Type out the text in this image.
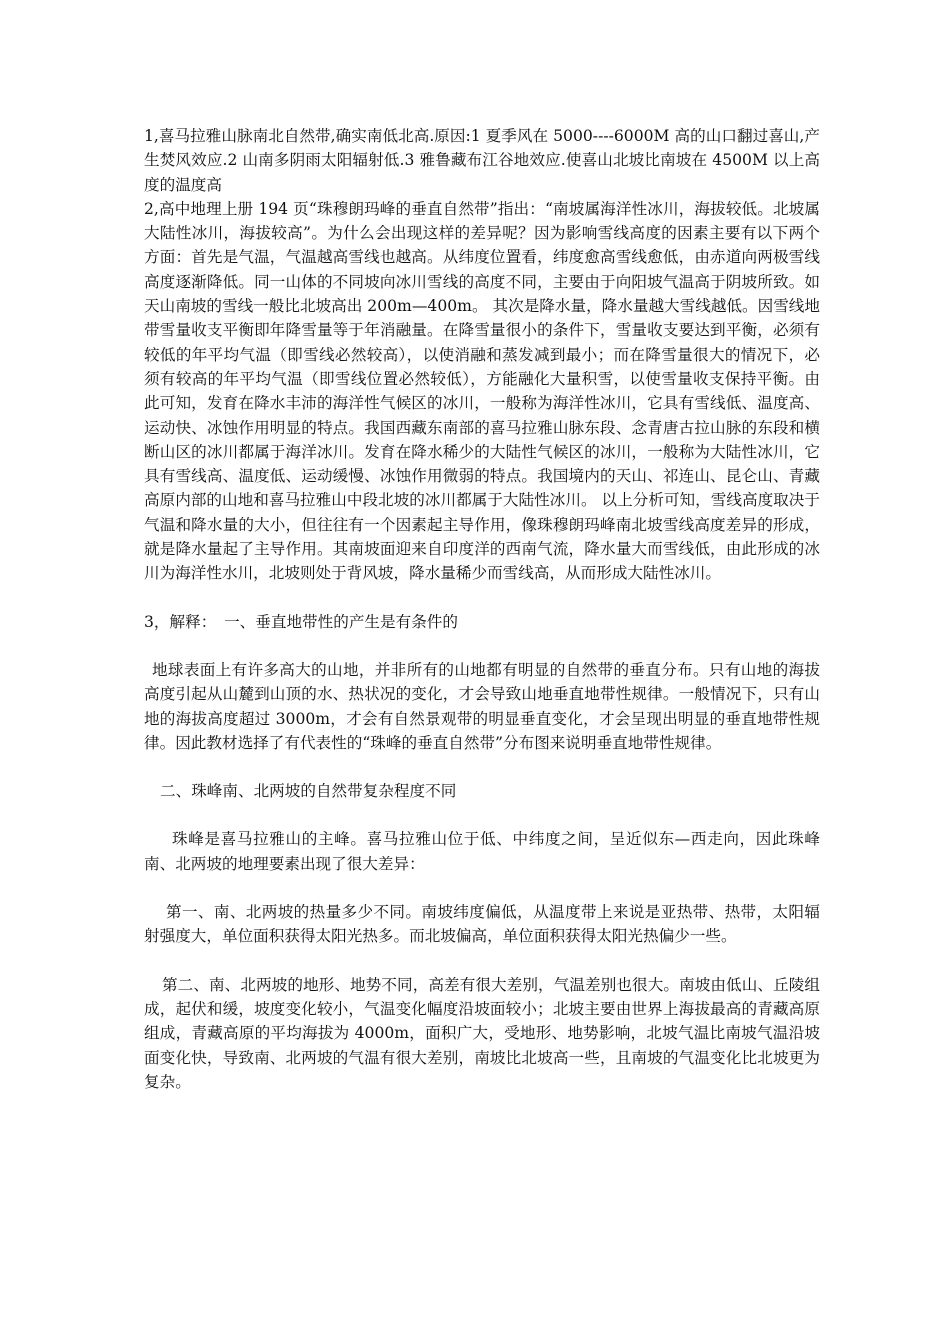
1,喜马拉雅山脉南北自然带,确实南低北高.原因:1 夏季风在 5000----6000M 高的山口翻过喜山,产生焚风效应.2 山南多阴雨太阳辐射低.3 雅鲁藏布江谷地效应.使喜山北坡比南坡在 4500M 以上高度的温度高

2,高中地理上册 194 页“珠穆朗玛峰的垂直自然带”指出：“南坡属海洋性冰川，海拔较低。北坡属大陆性冰川，海拔较高”。为什么会出现这样的差异呢？因为影响雪线高度的因素主要有以下两个方面：首先是气温，气温越高雪线也越高。从纬度位置看，纬度愈高雪线愈低，由赤道向两极雪线高度逐渐降低。同一山体的不同坡向冰川雪线的高度不同，主要由于向阳坡气温高于阴坡所致。如天山南坡的雪线一般比北坡高出 200m—400m。 其次是降水量，降水量越大雪线越低。因雪线地带雪量收支平衡即年降雪量等于年消融量。在降雪量很小的条件下，雪量收支要达到平衡，必须有较低的年平均气温（即雪线必然较高），以使消融和蒸发减到最小；而在降雪量很大的情况下，必须有较高的年平均气温（即雪线位置必然较低），方能融化大量积雪，以使雪量收支保持平衡。由此可知，发育在降水丰沛的海洋性气候区的冰川，一般称为海洋性冰川，它具有雪线低、温度高、运动快、冰蚀作用明显的特点。我国西藏东南部的喜马拉雅山脉东段、念青唐古拉山脉的东段和横断山区的冰川都属于海洋冰川。发育在降水稀少的大陆性气候区的冰川，一般称为大陆性冰川，它具有雪线高、温度低、运动缓慢、冰蚀作用微弱的特点。我国境内的天山、祁连山、昆仑山、青藏高原内部的山地和喜马拉雅山中段北坡的冰川都属于大陆性冰川。 以上分析可知，雪线高度取决于气温和降水量的大小，但往往有一个因素起主导作用，像珠穆朗玛峰南北坡雪线高度差异的形成，就是降水量起了主导作用。其南坡面迎来自印度洋的西南气流，降水量大而雪线低，由此形成的冰川为海洋性水川，北坡则处于背风坡，降水量稀少而雪线高，从而形成大陆性冰川。

3，解释：　一、垂直地带性的产生是有条件的

地球表面上有许多高大的山地，并非所有的山地都有明显的自然带的垂直分布。只有山地的海拔高度引起从山麓到山顶的水、热状况的变化，才会导致山地垂直地带性规律。一般情况下，只有山地的海拔高度超过 3000m，才会有自然景观带的明显垂直变化，才会呈现出明显的垂直地带性规律。因此教材选择了有代表性的“珠峰的垂直自然带”分布图来说明垂直地带性规律。

二、珠峰南、北两坡的自然带复杂程度不同

珠峰是喜马拉雅山的主峰。喜马拉雅山位于低、中纬度之间，呈近似东—西走向，因此珠峰南、北两坡的地理要素出现了很大差异：

第一、南、北两坡的热量多少不同。南坡纬度偏低，从温度带上来说是亚热带、热带，太阳辐射强度大，单位面积获得太阳光热多。而北坡偏高，单位面积获得太阳光热偏少一些。

第二、南、北两坡的地形、地势不同，高差有很大差别，气温差别也很大。南坡由低山、丘陵组成，起伏和缓，坡度变化较小，气温变化幅度沿坡面较小；北坡主要由世界上海拔最高的青藏高原组成，青藏高原的平均海拔为 4000m，面积广大，受地形、地势影响，北坡气温比南坡气温沿坡面变化快，导致南、北两坡的气温有很大差别，南坡比北坡高一些，且南坡的气温变化比北坡更为复杂。
